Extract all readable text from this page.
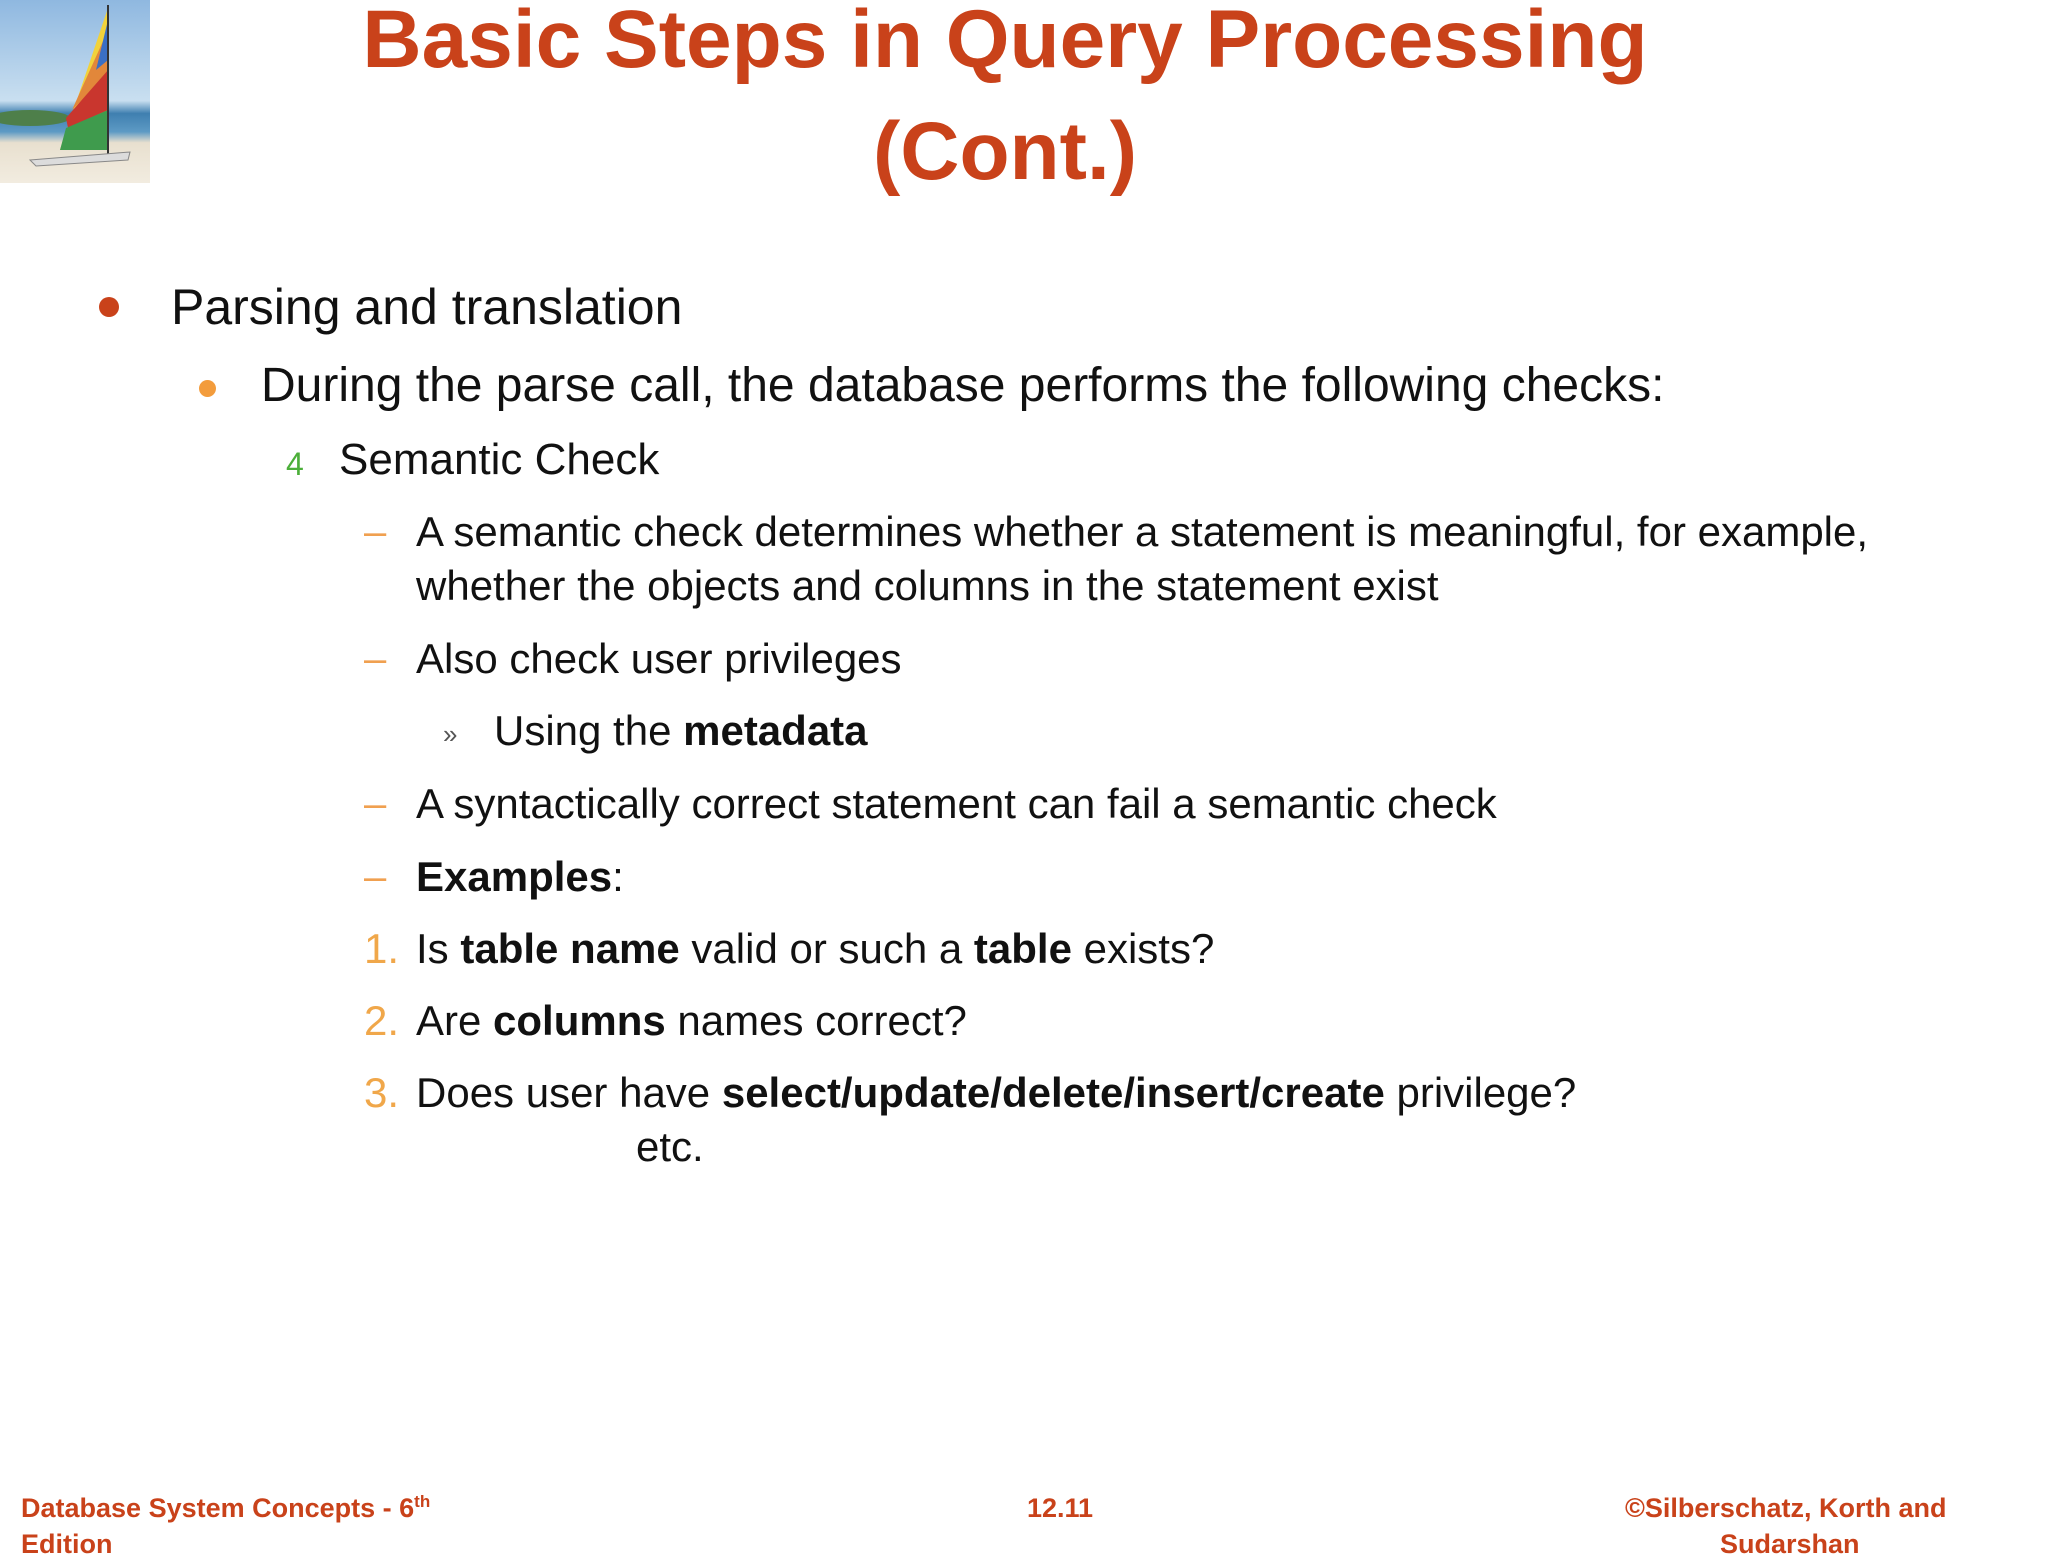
Basic Steps in Query Processing
(Cont.)
Parsing and translation
During the parse call, the database performs the following checks:
4 Semantic Check
– A semantic check determines whether a statement is meaningful, for example,
whether the objects and columns in the statement exist
– Also check user privileges
» Using the metadata
– A syntactically correct statement can fail a semantic check
– Examples:
1. Is table name valid or such a table exists?
2. Are columns names correct?
3. Does user have select/update/delete/insert/create privilege?
etc.
Database System Concepts - 6th
Edition
12.11	©Silberschatz, Korth and
Sudarshan
